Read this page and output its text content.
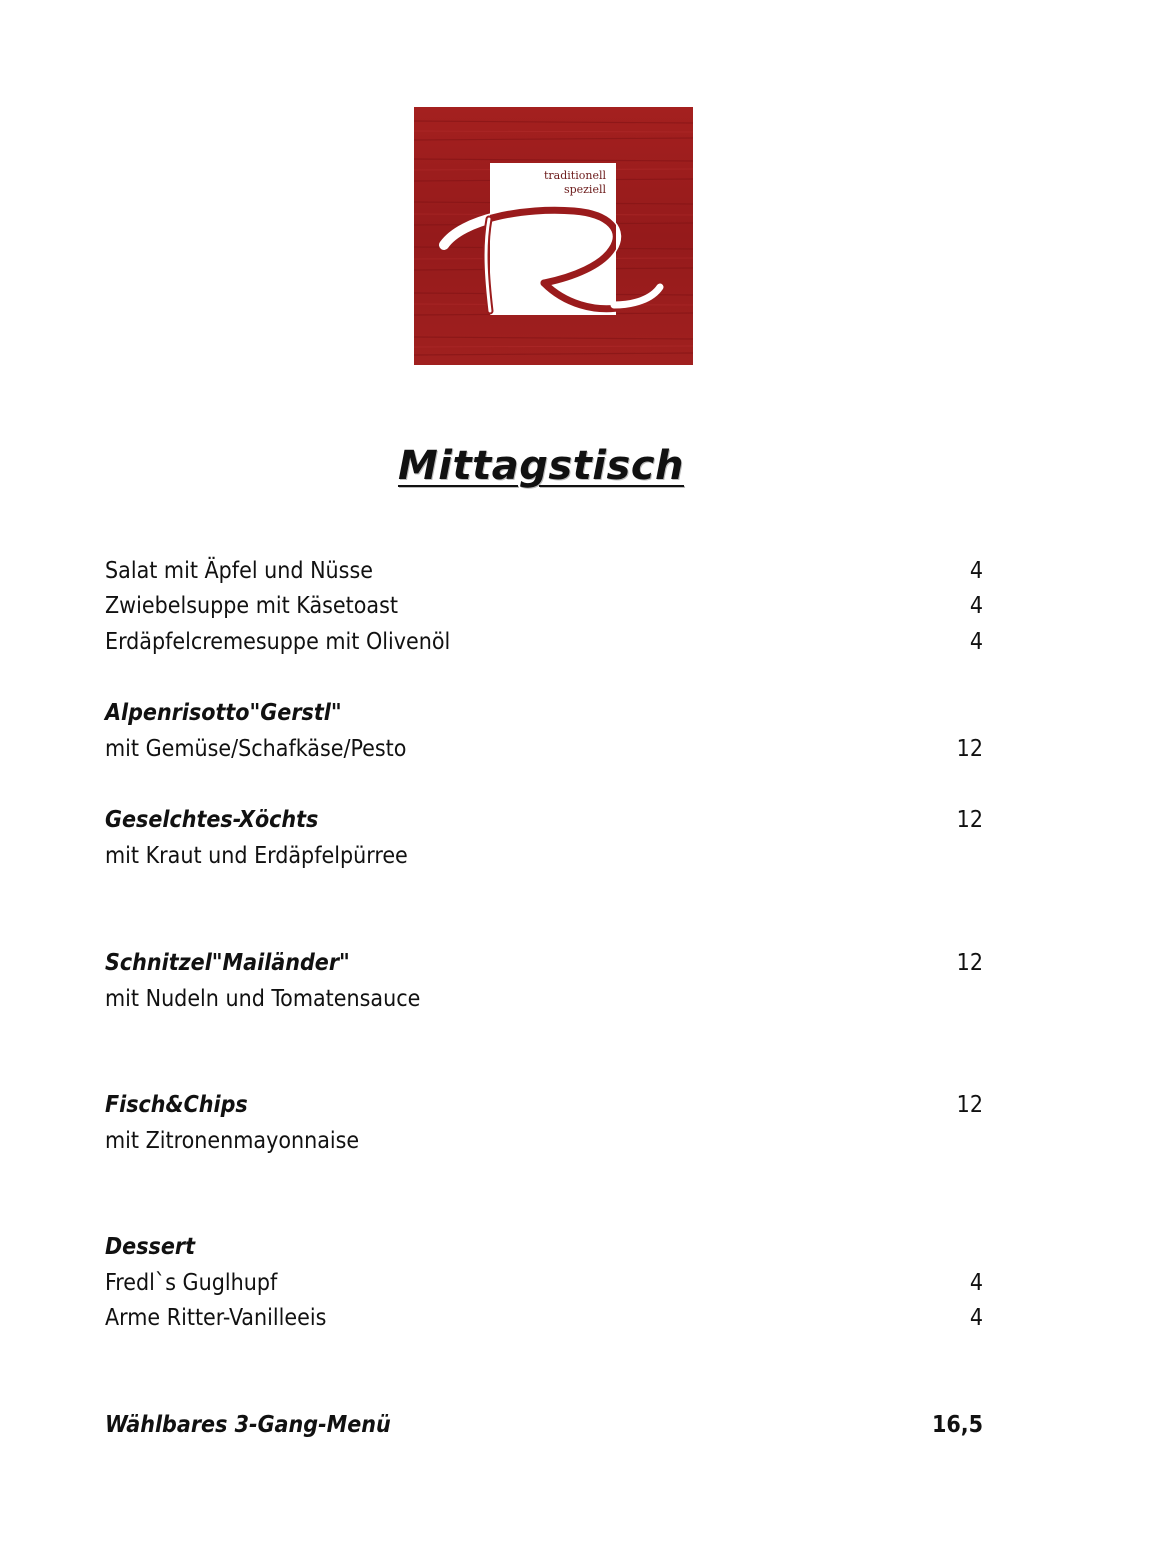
traditionell
speziell
Mittagstisch
Salat mit Äpfel und Nüsse	4
Zwiebelsuppe mit Käsetoast	4
Erdäpfelcremesuppe mit Olivenöl	4
Alpenrisotto"Gerstl"
mit Gemüse/Schafkäse/Pesto	12
Geselchtes-Xöchts	12
mit Kraut und Erdäpfelpürree
Schnitzel"Mailänder"	12
mit Nudeln und Tomatensauce
Fisch&Chips	12
mit Zitronenmayonnaise
Dessert
Fredl`s Guglhupf	4
Arme Ritter-Vanilleeis	4
Wählbares 3-Gang-Menü	16,5
